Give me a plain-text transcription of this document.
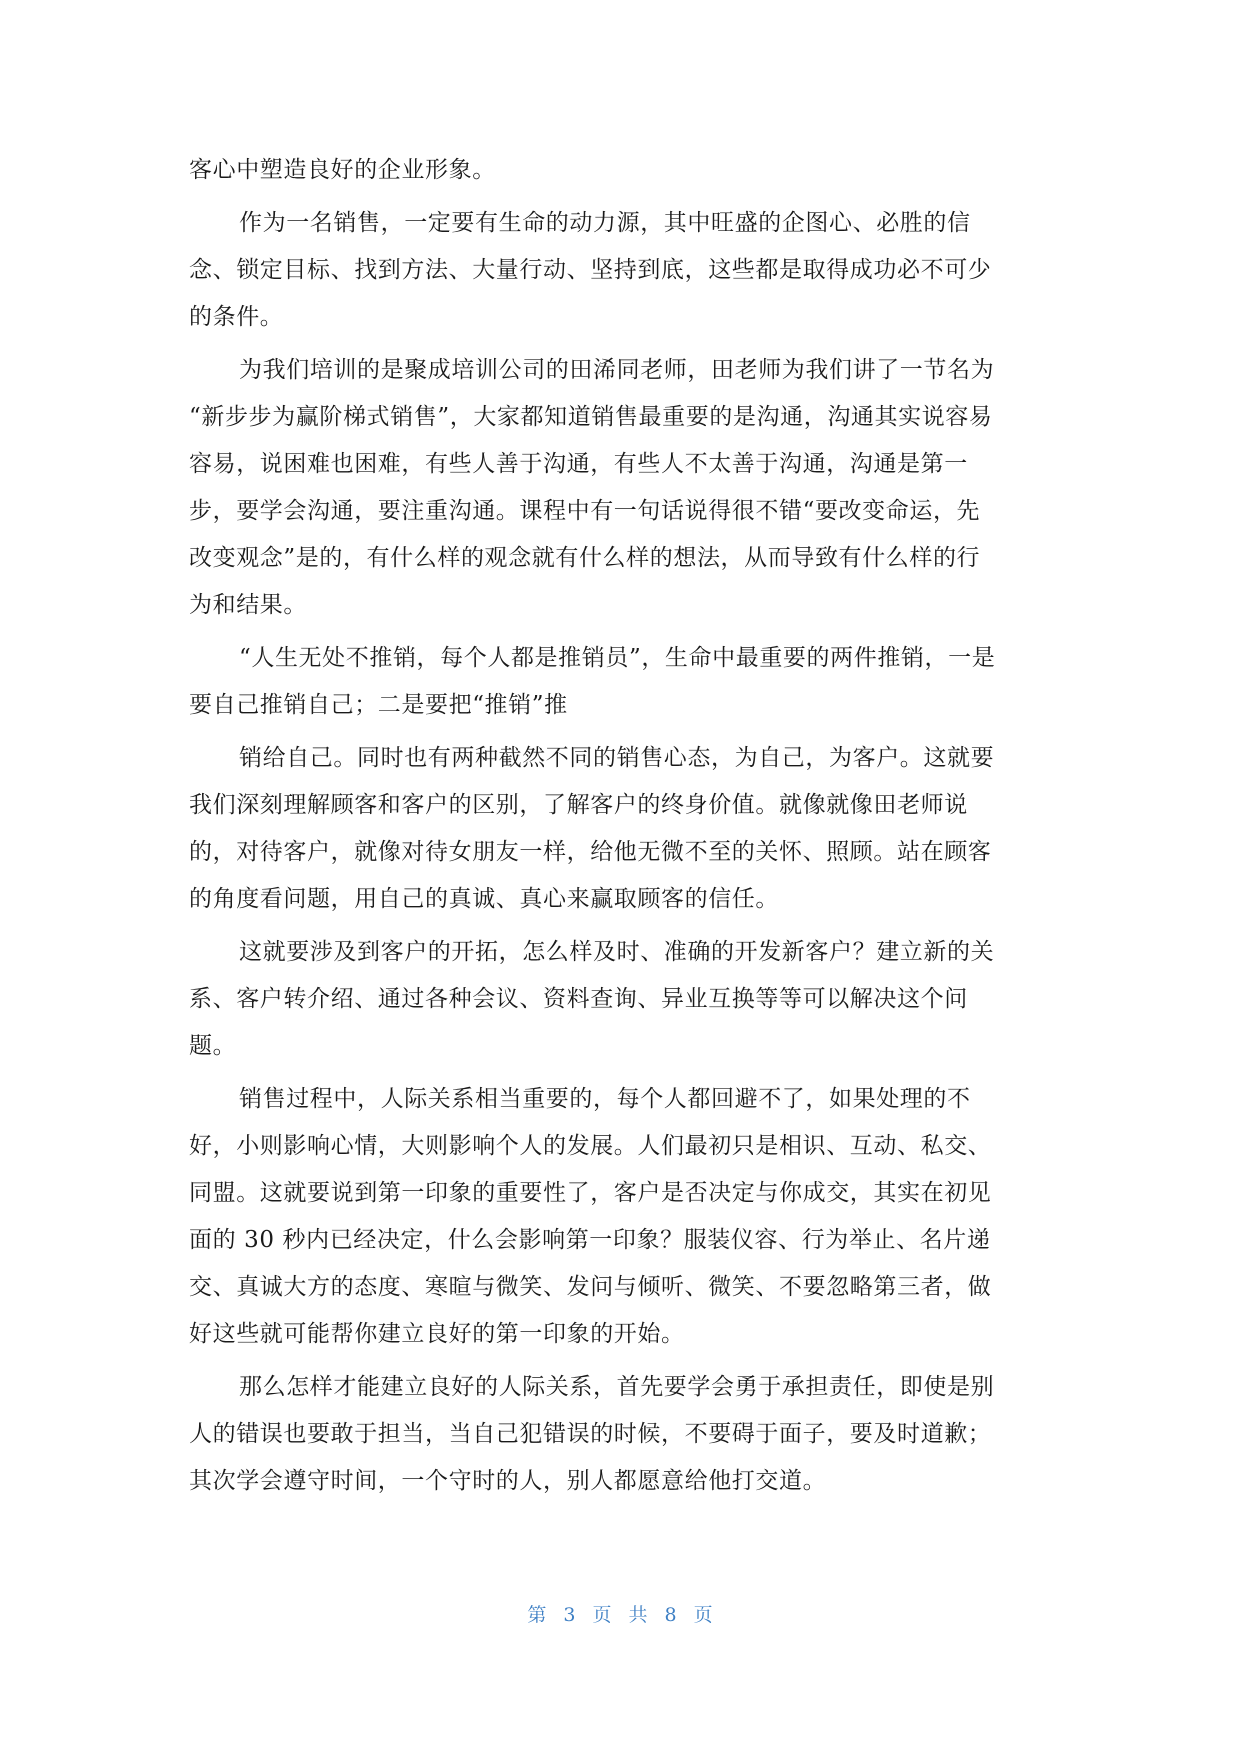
客心中塑造良好的企业形象。
作为一名销售，一定要有生命的动力源，其中旺盛的企图心、必胜的信
念、锁定目标、找到方法、大量行动、坚持到底，这些都是取得成功必不可少
的条件。
为我们培训的是聚成培训公司的田浠同老师，田老师为我们讲了一节名为
“新步步为赢阶梯式销售”，大家都知道销售最重要的是沟通，沟通其实说容易
容易，说困难也困难，有些人善于沟通，有些人不太善于沟通，沟通是第一
步，要学会沟通，要注重沟通。课程中有一句话说得很不错“要改变命运，先
改变观念”是的，有什么样的观念就有什么样的想法，从而导致有什么样的行
为和结果。
“人生无处不推销，每个人都是推销员”，生命中最重要的两件推销，一是
要自己推销自己；二是要把“推销”推
销给自己。同时也有两种截然不同的销售心态，为自己，为客户。这就要
我们深刻理解顾客和客户的区别，了解客户的终身价值。就像就像田老师说
的，对待客户，就像对待女朋友一样，给他无微不至的关怀、照顾。站在顾客
的角度看问题，用自己的真诚、真心来赢取顾客的信任。
这就要涉及到客户的开拓，怎么样及时、准确的开发新客户？建立新的关
系、客户转介绍、通过各种会议、资料查询、异业互换等等可以解决这个问
题。
销售过程中，人际关系相当重要的，每个人都回避不了，如果处理的不
好，小则影响心情，大则影响个人的发展。人们最初只是相识、互动、私交、
同盟。这就要说到第一印象的重要性了，客户是否决定与你成交，其实在初见
面的 30 秒内已经决定，什么会影响第一印象？服装仪容、行为举止、名片递
交、真诚大方的态度、寒暄与微笑、发问与倾听、微笑、不要忽略第三者，做
好这些就可能帮你建立良好的第一印象的开始。
那么怎样才能建立良好的人际关系，首先要学会勇于承担责任，即使是别
人的错误也要敢于担当，当自己犯错误的时候，不要碍于面子，要及时道歉；
其次学会遵守时间，一个守时的人，别人都愿意给他打交道。
第 3 页 共 8 页
